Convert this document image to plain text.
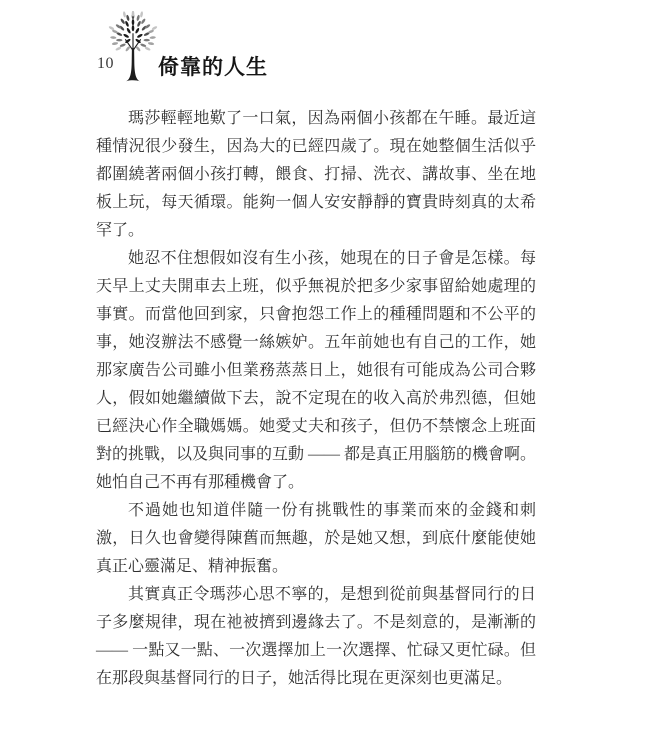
10 倚靠的人生
瑪莎輕輕地歎了一口氣，因為兩個小孩都在午睡。最近這
種情況很少發生，因為大的已經四歲了。現在她整個生活似乎
都圍繞著兩個小孩打轉，餵食、打掃、洗衣、講故事、坐在地
板上玩，每天循環。能夠一個人安安靜靜的寶貴時刻真的太希
罕了。
她忍不住想假如沒有生小孩，她現在的日子會是怎樣。每
天早上丈夫開車去上班，似乎無視於把多少家事留給她處理的
事實。而當他回到家，只會抱怨工作上的種種問題和不公平的
事，她沒辦法不感覺一絲嫉妒。五年前她也有自己的工作，她
那家廣告公司雖小但業務蒸蒸日上，她很有可能成為公司合夥
人，假如她繼續做下去，說不定現在的收入高於弗烈德，但她
已經決心作全職媽媽。她愛丈夫和孩子，但仍不禁懷念上班面
對的挑戰，以及與同事的互動 —— 都是真正用腦筋的機會啊。
她怕自己不再有那種機會了。
不過她也知道伴隨一份有挑戰性的事業而來的金錢和刺
激，日久也會變得陳舊而無趣，於是她又想，到底什麼能使她
真正心靈滿足、精神振奮。
其實真正令瑪莎心思不寧的，是想到從前與基督同行的日
子多麼規律，現在祂被擠到邊緣去了。不是刻意的，是漸漸的
—— 一點又一點、一次選擇加上一次選擇、忙碌又更忙碌。但
在那段與基督同行的日子，她活得比現在更深刻也更滿足。
